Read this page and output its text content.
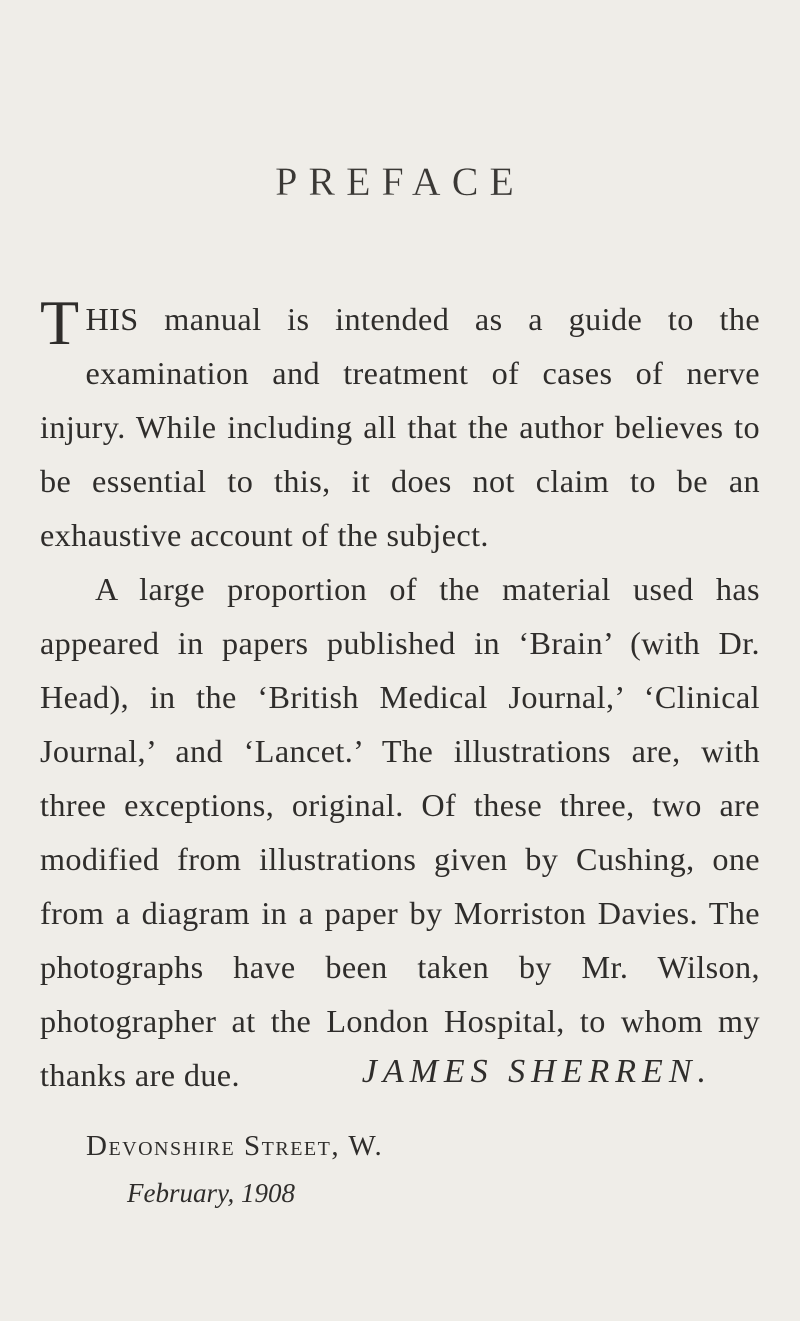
PREFACE

THIS manual is intended as a guide to the examination and treatment of cases of nerve injury. While including all that the author believes to be essential to this, it does not claim to be an exhaustive account of the subject.

A large proportion of the material used has appeared in papers published in ‘Brain’ (with Dr. Head), in the ‘British Medical Journal,’ ‘Clinical Journal,’ and ‘Lancet.’ The illustrations are, with three exceptions, original. Of these three, two are modified from illustrations given by Cushing, one from a diagram in a paper by Morriston Davies. The photographs have been taken by Mr. Wilson, photographer at the London Hospital, to whom my thanks are due.	JAMES SHERREN.
Devonshire Street, W.
February, 1908
